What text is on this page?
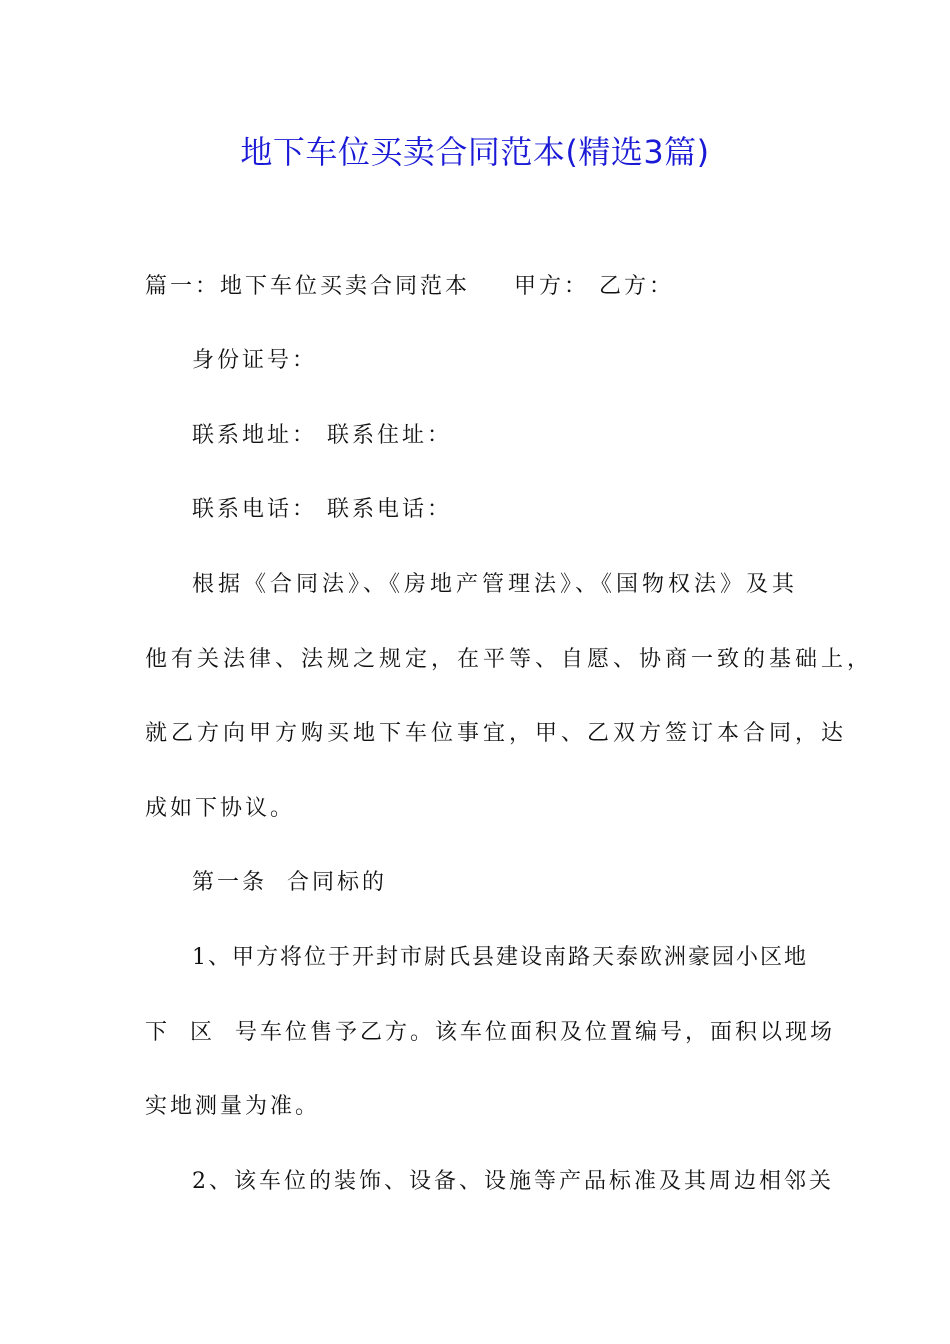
地下车位买卖合同范本(精选3篇)
篇一：地下车位买卖合同范本 甲方： 乙方：
身份证号：
联系地址： 联系住址：
联系电话： 联系电话：
根据《合同法》、《房地产管理法》、《国物权法》及其
他有关法律、法规之规定，在平等、自愿、协商一致的基础上，
就乙方向甲方购买地下车位事宜，甲、乙双方签订本合同，达
成如下协议。
第一条  合同标的
1、甲方将位于开封市尉氏县建设南路天泰欧洲豪园小区地
下  区  号车位售予乙方。该车位面积及位置编号，面积以现场
实地测量为准。
2、该车位的装饰、设备、设施等产品标准及其周边相邻关
